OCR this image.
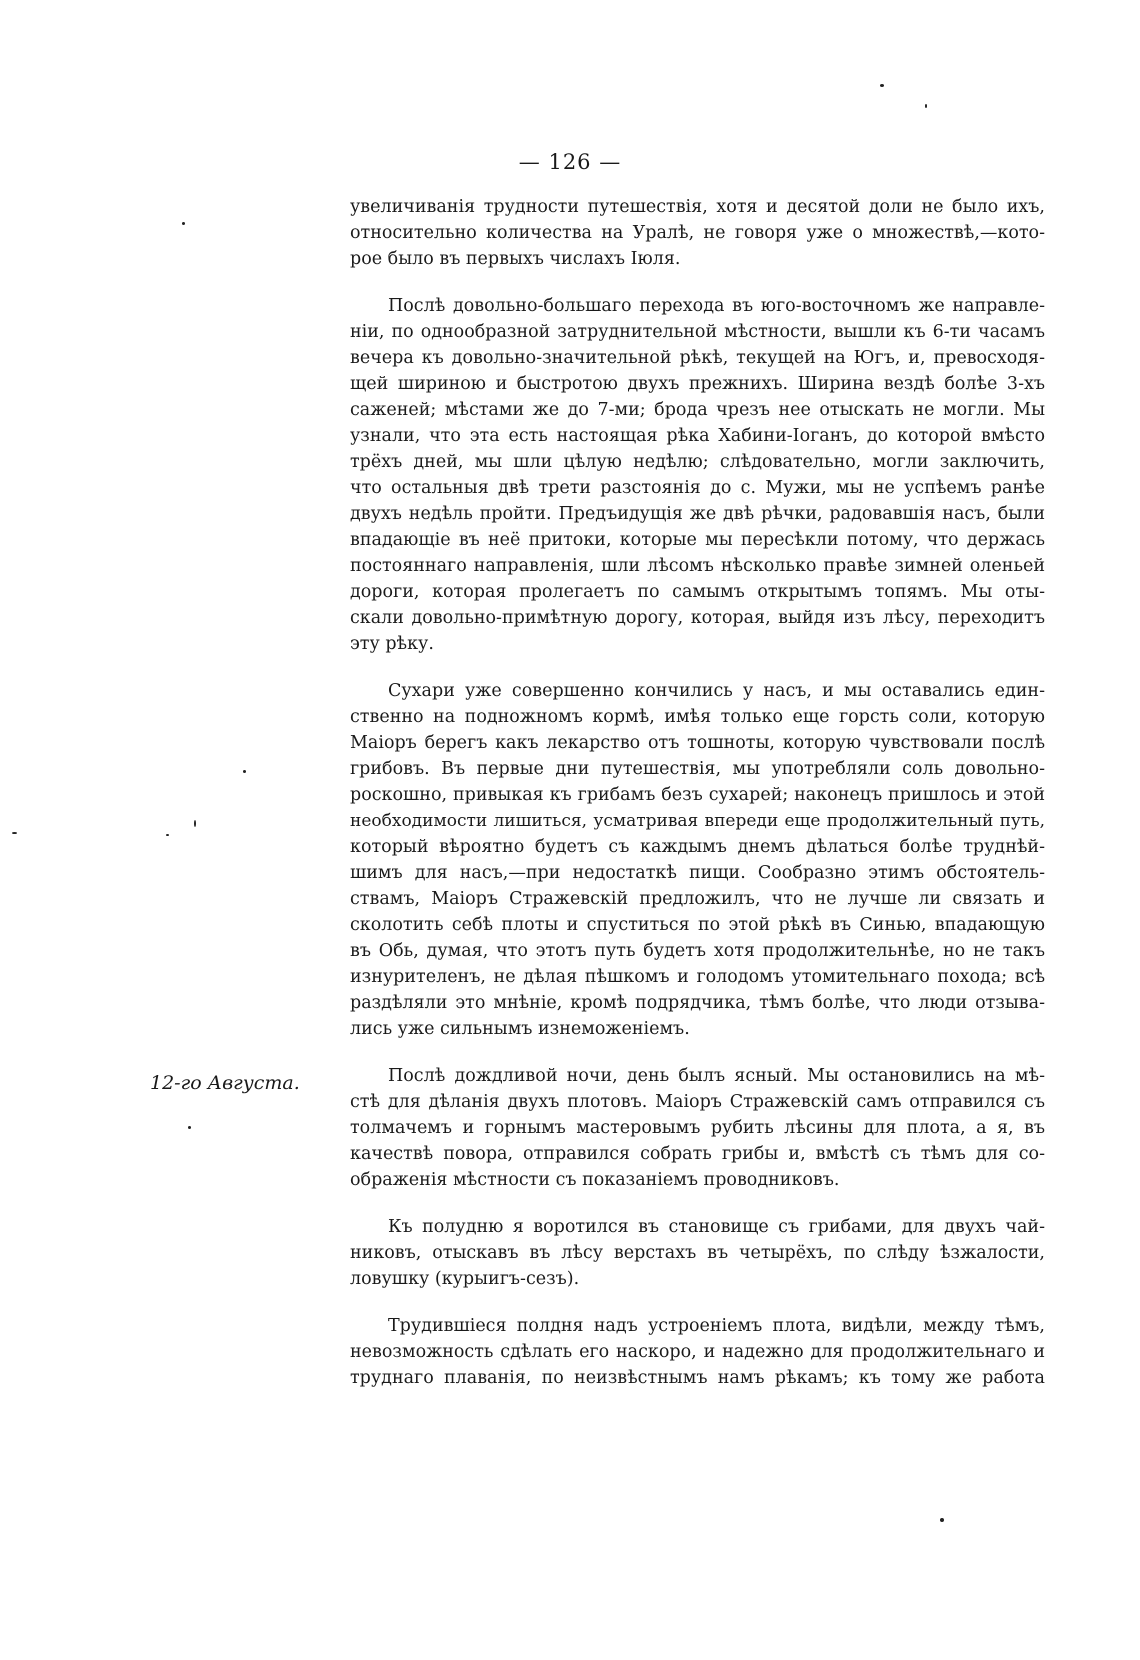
— 126 —
12-го Августа.

увеличиванія трудности путешествія, хотя и десятой доли не было ихъ,
относительно количества на Уралѣ, не говоря уже о множествѣ,—кото-
рое было въ первыхъ числахъ Іюля.

Послѣ довольно-большаго перехода въ юго-восточномъ же направле-
ніи, по однообразной затруднительной мѣстности, вышли къ 6-ти часамъ
вечера къ довольно-значительной рѣкѣ, текущей на Югъ, и, превосходя-
щей шириною и быстротою двухъ прежнихъ. Ширина вездѣ болѣе 3-хъ
саженей; мѣстами же до 7-ми; брода чрезъ нее отыскать не могли. Мы
узнали, что эта есть настоящая рѣка Хабини-Іоганъ, до которой вмѣсто
трёхъ дней, мы шли цѣлую недѣлю; слѣдовательно, могли заключить,
что остальныя двѣ трети разстоянія до с. Мужи, мы не успѣемъ ранѣе
двухъ недѣль пройти. Предъидущія же двѣ рѣчки, радовавшія насъ, были
впадающіе въ неё притоки, которые мы пересѣкли потому, что держась
постояннаго направленія, шли лѣсомъ нѣсколько правѣе зимней оленьей
дороги, которая пролегаетъ по самымъ открытымъ топямъ. Мы оты-
скали довольно-примѣтную дорогу, которая, выйдя изъ лѣсу, переходитъ
эту рѣку.

Сухари уже совершенно кончились у насъ, и мы оставались един-
ственно на подножномъ кормѣ, имѣя только еще горсть соли, которую
Маіоръ берегъ какъ лекарство отъ тошноты, которую чувствовали послѣ
грибовъ. Въ первые дни путешествія, мы употребляли соль довольно-
роскошно, привыкая къ грибамъ безъ сухарей; наконецъ пришлось и этой
необходимости лишиться, усматривая впереди еще продолжительный путь,
который вѣроятно будетъ съ каждымъ днемъ дѣлаться болѣе труднѣй-
шимъ для насъ,—при недостаткѣ пищи. Сообразно этимъ обстоятель-
ствамъ, Маіоръ Стражевскій предложилъ, что не лучше ли связать и
сколотить себѣ плоты и спуститься по этой рѣкѣ въ Синью, впадающую
въ Обь, думая, что этотъ путь будетъ хотя продолжительнѣе, но не такъ
изнурителенъ, не дѣлая пѣшкомъ и голодомъ утомительнаго похода; всѣ
раздѣляли это мнѣніе, кромѣ подрядчика, тѣмъ болѣе, что люди отзыва-
лись уже сильнымъ изнеможеніемъ.

Послѣ дождливой ночи, день былъ ясный. Мы остановились на мѣ-
стѣ для дѣланія двухъ плотовъ. Маіоръ Стражевскій самъ отправился съ
толмачемъ и горнымъ мастеровымъ рубить лѣсины для плота, а я, въ
качествѣ повора, отправился собрать грибы и, вмѣстѣ съ тѣмъ для со-
ображенія мѣстности съ показаніемъ проводниковъ.

Къ полудню я воротился въ становище съ грибами, для двухъ чай-
никовъ, отыскавъ въ лѣсу верстахъ въ четырёхъ, по слѣду ѣзжалости,
ловушку (курыигъ-сезъ).

Трудившіеся полдня надъ устроеніемъ плота, видѣли, между тѣмъ,
невозможность сдѣлать его наскоро, и надежно для продолжительнаго и
труднаго плаванія, по неизвѣстнымъ намъ рѣкамъ; къ тому же работа
